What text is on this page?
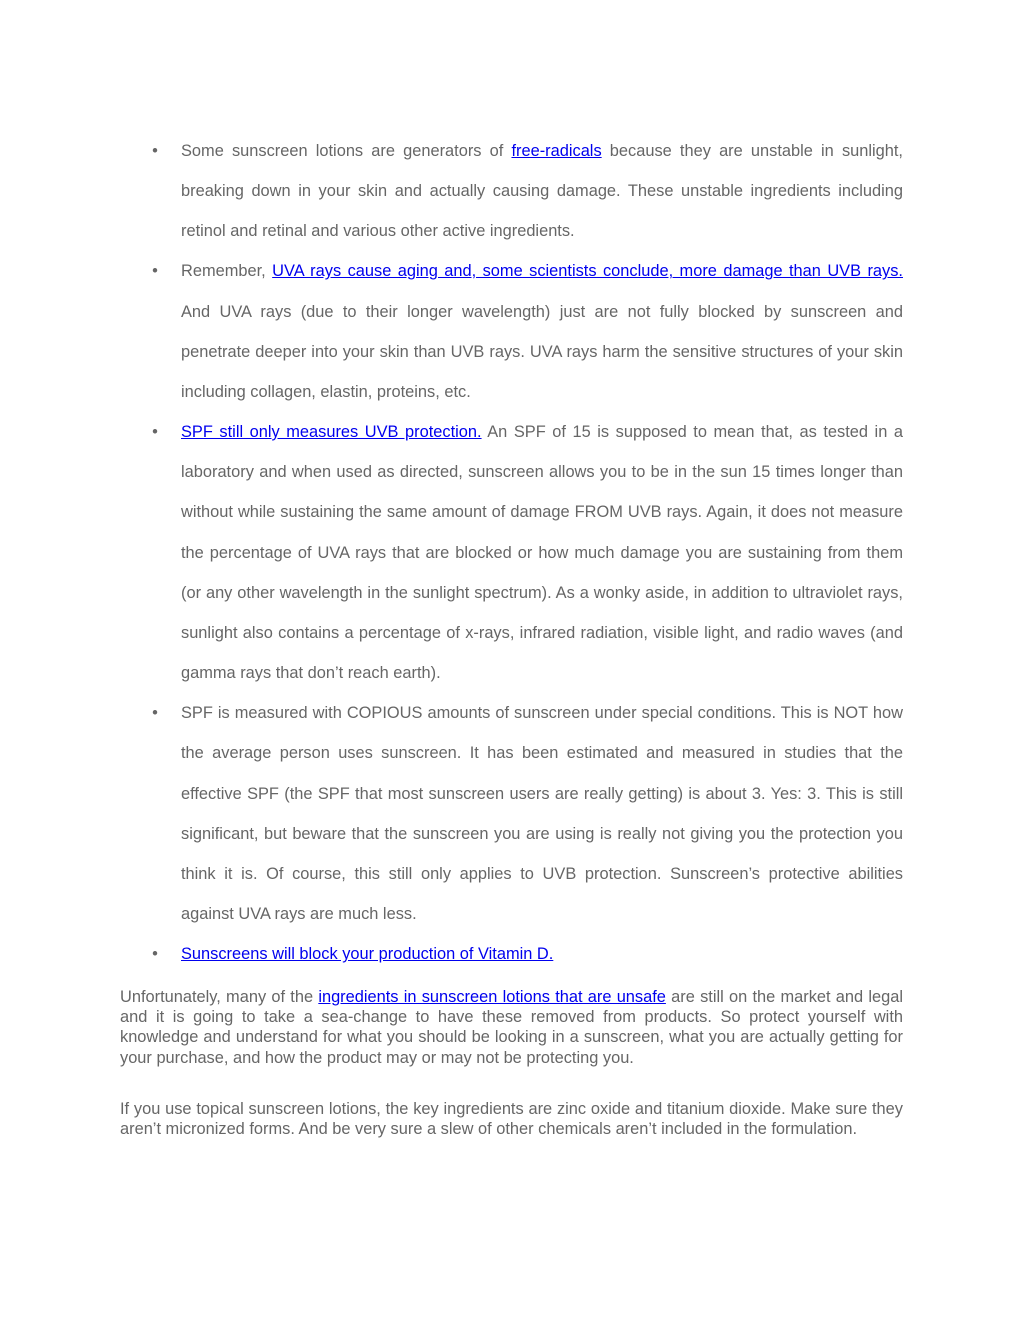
• Some sunscreen lotions are generators of free-radicals because they are unstable in sunlight, breaking down in your skin and actually causing damage. These unstable ingredients including retinol and retinal and various other active ingredients.
• Remember, UVA rays cause aging and, some scientists conclude, more damage than UVB rays. And UVA rays (due to their longer wavelength) just are not fully blocked by sunscreen and penetrate deeper into your skin than UVB rays. UVA rays harm the sensitive structures of your skin including collagen, elastin, proteins, etc.
• SPF still only measures UVB protection. An SPF of 15 is supposed to mean that, as tested in a laboratory and when used as directed, sunscreen allows you to be in the sun 15 times longer than without while sustaining the same amount of damage FROM UVB rays. Again, it does not measure the percentage of UVA rays that are blocked or how much damage you are sustaining from them (or any other wavelength in the sunlight spectrum). As a wonky aside, in addition to ultraviolet rays, sunlight also contains a percentage of x-rays, infrared radiation, visible light, and radio waves (and gamma rays that don’t reach earth).
• SPF is measured with COPIOUS amounts of sunscreen under special conditions. This is NOT how the average person uses sunscreen. It has been estimated and measured in studies that the effective SPF (the SPF that most sunscreen users are really getting) is about 3. Yes: 3. This is still significant, but beware that the sunscreen you are using is really not giving you the protection you think it is. Of course, this still only applies to UVB protection. Sunscreen’s protective abilities against UVA rays are much less.
• Sunscreens will block your production of Vitamin D.

Unfortunately, many of the ingredients in sunscreen lotions that are unsafe are still on the market and legal and it is going to take a sea-change to have these removed from products. So protect yourself with knowledge and understand for what you should be looking in a sunscreen, what you are actually getting for your purchase, and how the product may or may not be protecting you.

If you use topical sunscreen lotions, the key ingredients are zinc oxide and titanium dioxide. Make sure they aren’t micronized forms. And be very sure a slew of other chemicals aren’t included in the formulation.
